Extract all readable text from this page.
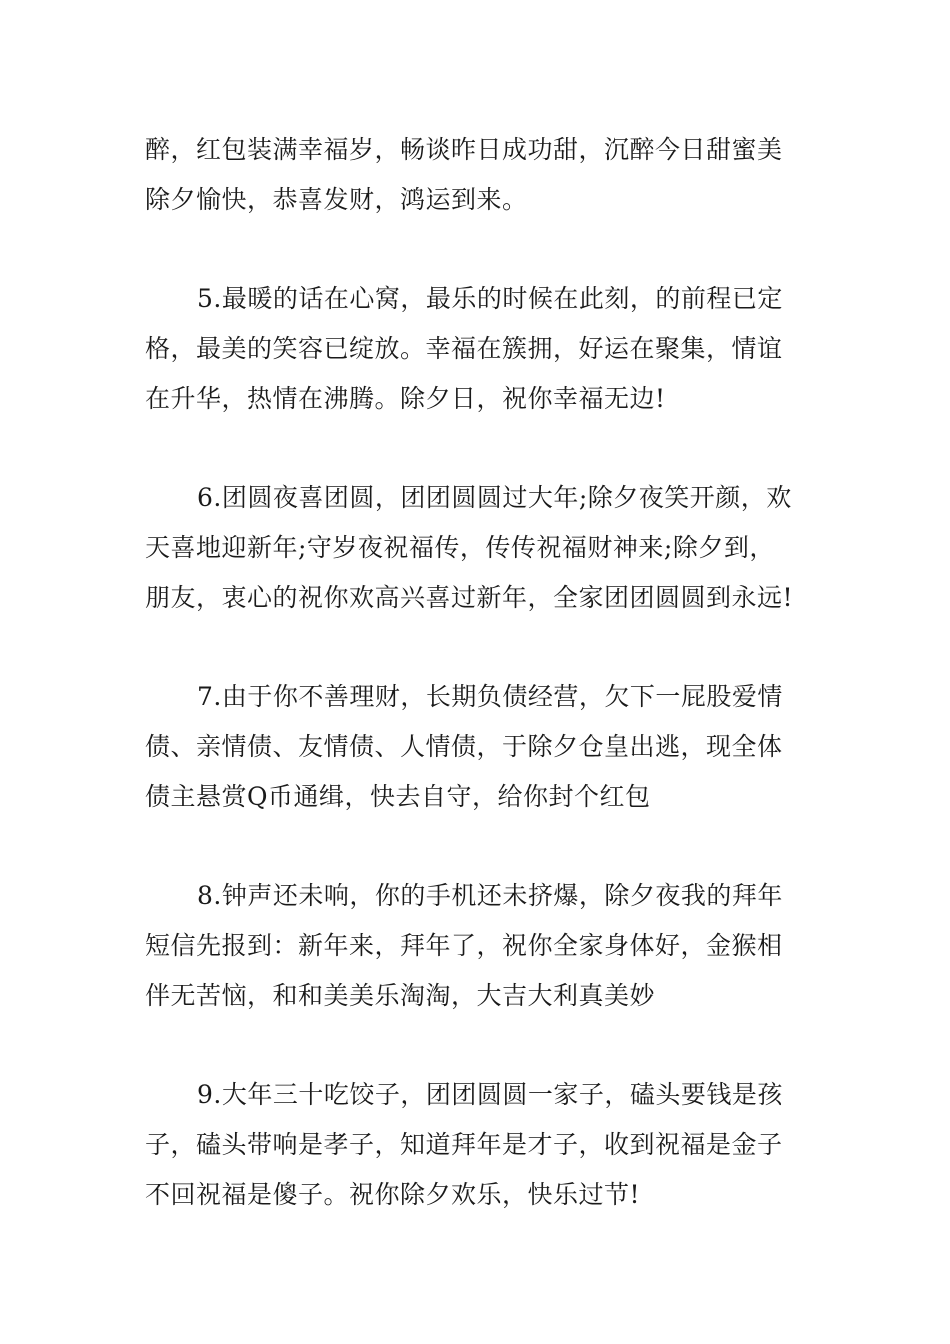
醉，红包装满幸福岁，畅谈昨日成功甜，沉醉今日甜蜜美
除夕愉快，恭喜发财，鸿运到来。

5.最暖的话在心窝，最乐的时候在此刻，的前程已定
格，最美的笑容已绽放。幸福在簇拥，好运在聚集，情谊
在升华，热情在沸腾。除夕日，祝你幸福无边!

6.团圆夜喜团圆，团团圆圆过大年;除夕夜笑开颜，欢
天喜地迎新年;守岁夜祝福传，传传祝福财神来;除夕到，
朋友，衷心的祝你欢高兴喜过新年，全家团团圆圆到永远!

7.由于你不善理财，长期负债经营，欠下一屁股爱情
债、亲情债、友情债、人情债，于除夕仓皇出逃，现全体
债主悬赏Q币通缉，快去自守，给你封个红包

8.钟声还未响，你的手机还未挤爆，除夕夜我的拜年
短信先报到：新年来，拜年了，祝你全家身体好，金猴相
伴无苦恼，和和美美乐淘淘，大吉大利真美妙

9.大年三十吃饺子，团团圆圆一家子，磕头要钱是孩
子，磕头带响是孝子，知道拜年是才子，收到祝福是金子
不回祝福是傻子。祝你除夕欢乐，快乐过节!
